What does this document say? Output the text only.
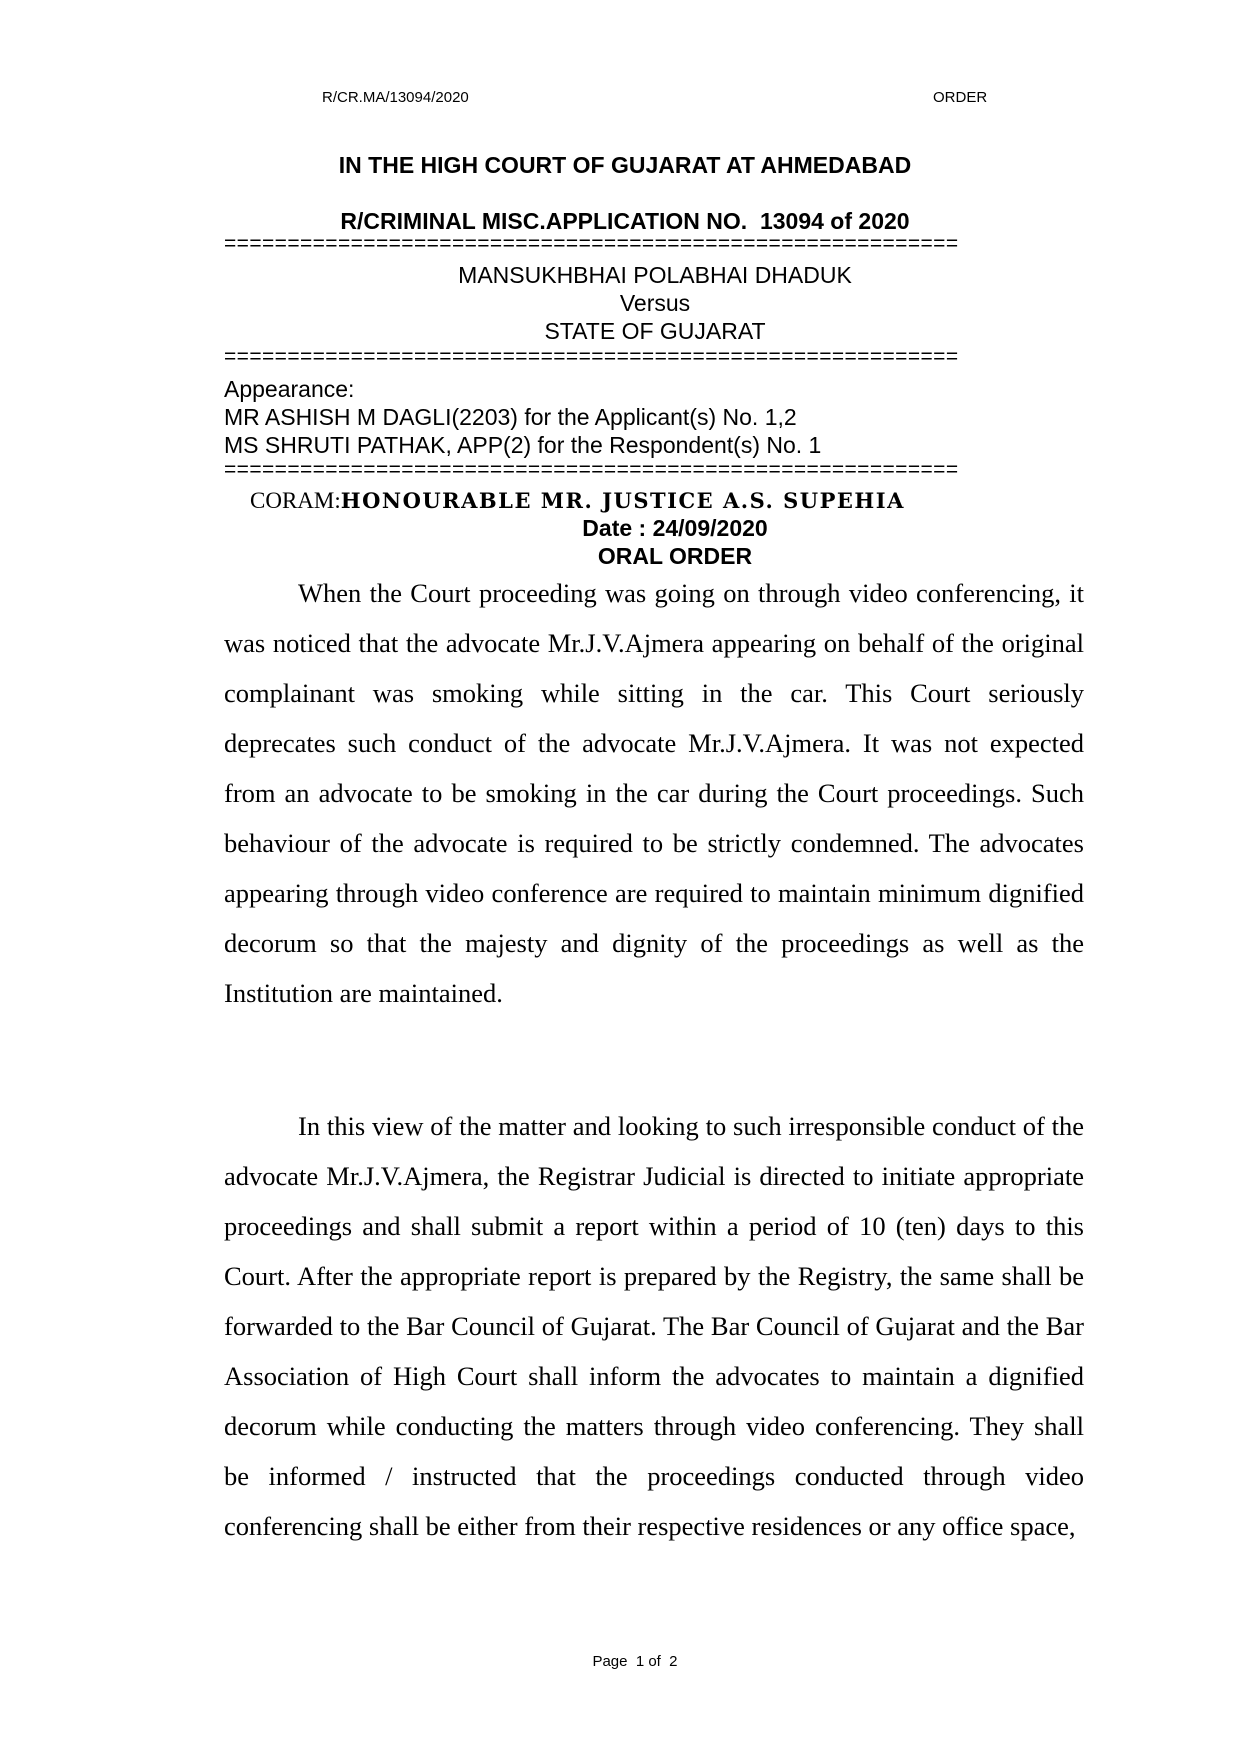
R/CR.MA/13094/2020	ORDER
IN THE HIGH COURT OF GUJARAT AT AHMEDABAD
R/CRIMINAL MISC.APPLICATION NO.  13094 of 2020
==========================================================
MANSUKHBHAI POLABHAI DHADUK
Versus
STATE OF GUJARAT
==========================================================
Appearance:
MR ASHISH M DAGLI(2203) for the Applicant(s) No. 1,2
MS SHRUTI PATHAK, APP(2) for the Respondent(s) No. 1
==========================================================
CORAM:HONOURABLE MR. JUSTICE A.S. SUPEHIA
Date : 24/09/2020
ORAL ORDER

When the Court proceeding was going on through video conferencing, it was noticed that the advocate Mr.J.V.Ajmera appearing on behalf of the original complainant was smoking while sitting in the car. This Court seriously deprecates such conduct of the advocate Mr.J.V.Ajmera. It was not expected from an advocate to be smoking in the car during the Court proceedings. Such behaviour of the advocate is required to be strictly condemned. The advocates appearing through video conference are required to maintain minimum dignified decorum so that the majesty and dignity of the proceedings as well as the Institution are maintained.

In this view of the matter and looking to such irresponsible conduct of the advocate Mr.J.V.Ajmera, the Registrar Judicial is directed to initiate appropriate proceedings and shall submit a report within a period of 10 (ten) days to this Court. After the appropriate report is prepared by the Registry, the same shall be forwarded to the Bar Council of Gujarat. The Bar Council of Gujarat and the Bar Association of High Court shall inform the advocates to maintain a dignified decorum while conducting the matters through video conferencing. They shall be informed / instructed that the proceedings conducted through video conferencing shall be either from their respective residences or any office space,

Page  1 of  2
